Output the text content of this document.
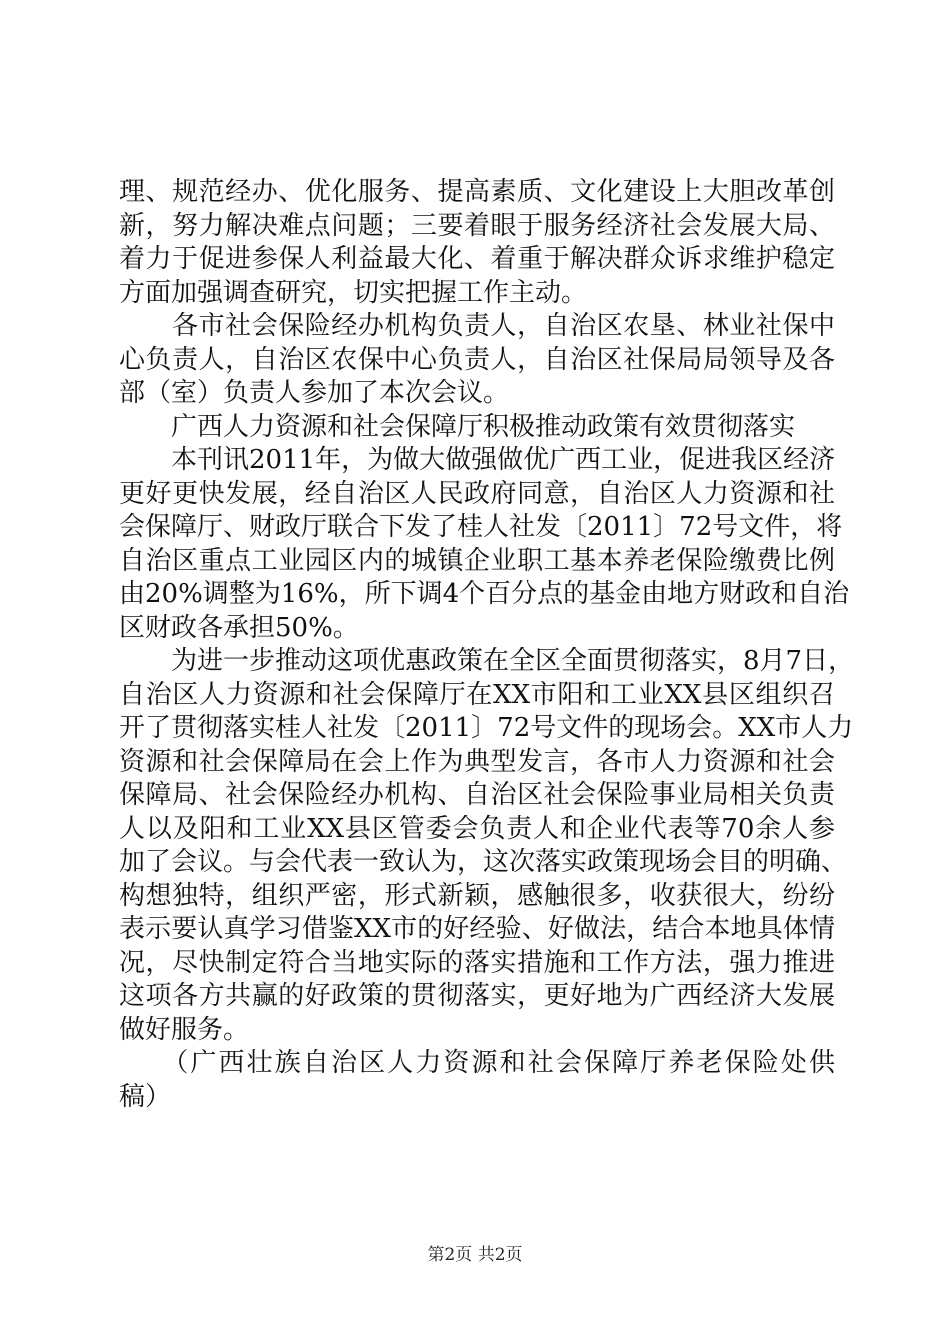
理、规范经办、优化服务、提高素质、文化建设上大胆改革创
新，努力解决难点问题；三要着眼于服务经济社会发展大局、
着力于促进参保人利益最大化、着重于解决群众诉求维护稳定
方面加强调查研究，切实把握工作主动。
　　各市社会保险经办机构负责人，自治区农垦、林业社保中
心负责人，自治区农保中心负责人，自治区社保局局领导及各
部（室）负责人参加了本次会议。
　　广西人力资源和社会保障厅积极推动政策有效贯彻落实
　　本刊讯2011年，为做大做强做优广西工业，促进我区经济
更好更快发展，经自治区人民政府同意，自治区人力资源和社
会保障厅、财政厅联合下发了桂人社发〔2011〕72号文件，将
自治区重点工业园区内的城镇企业职工基本养老保险缴费比例
由20%调整为16%，所下调4个百分点的基金由地方财政和自治
区财政各承担50%。
　　为进一步推动这项优惠政策在全区全面贯彻落实，8月7日，
自治区人力资源和社会保障厅在XX市阳和工业XX县区组织召
开了贯彻落实桂人社发〔2011〕72号文件的现场会。XX市人力
资源和社会保障局在会上作为典型发言，各市人力资源和社会
保障局、社会保险经办机构、自治区社会保险事业局相关负责
人以及阳和工业XX县区管委会负责人和企业代表等70余人参
加了会议。与会代表一致认为，这次落实政策现场会目的明确、
构想独特，组织严密，形式新颖，感触很多，收获很大，纷纷
表示要认真学习借鉴XX市的好经验、好做法，结合本地具体情
况，尽快制定符合当地实际的落实措施和工作方法，强力推进
这项各方共赢的好政策的贯彻落实，更好地为广西经济大发展
做好服务。
　　（广西壮族自治区人力资源和社会保障厅养老保险处供
稿）
第2页 共2页
